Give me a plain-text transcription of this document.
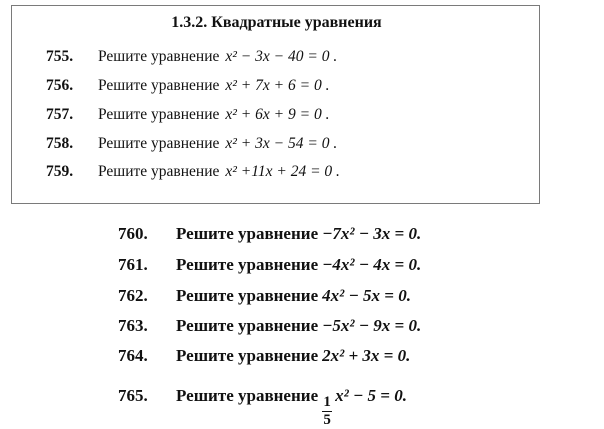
1.3.2. Квадратные уравнения
755.	Решите уравнение x² − 3x − 40 = 0 .
756.	Решите уравнение x² + 7x + 6 = 0 .
757.	Решите уравнение x² + 6x + 9 = 0 .
758.	Решите уравнение x² + 3x − 54 = 0 .
759.	Решите уравнение x² +11x + 24 = 0 .
760.	Решите уравнение −7x² − 3x = 0.
761.	Решите уравнение −4x² − 4x = 0.
762.	Решите уравнение 4x² − 5x = 0.
763.	Решите уравнение −5x² − 9x = 0.
764.	Решите уравнение 2x² + 3x = 0.
765.	Решите уравнение $\frac{1}{5} x^2 - 5 = 0$.
